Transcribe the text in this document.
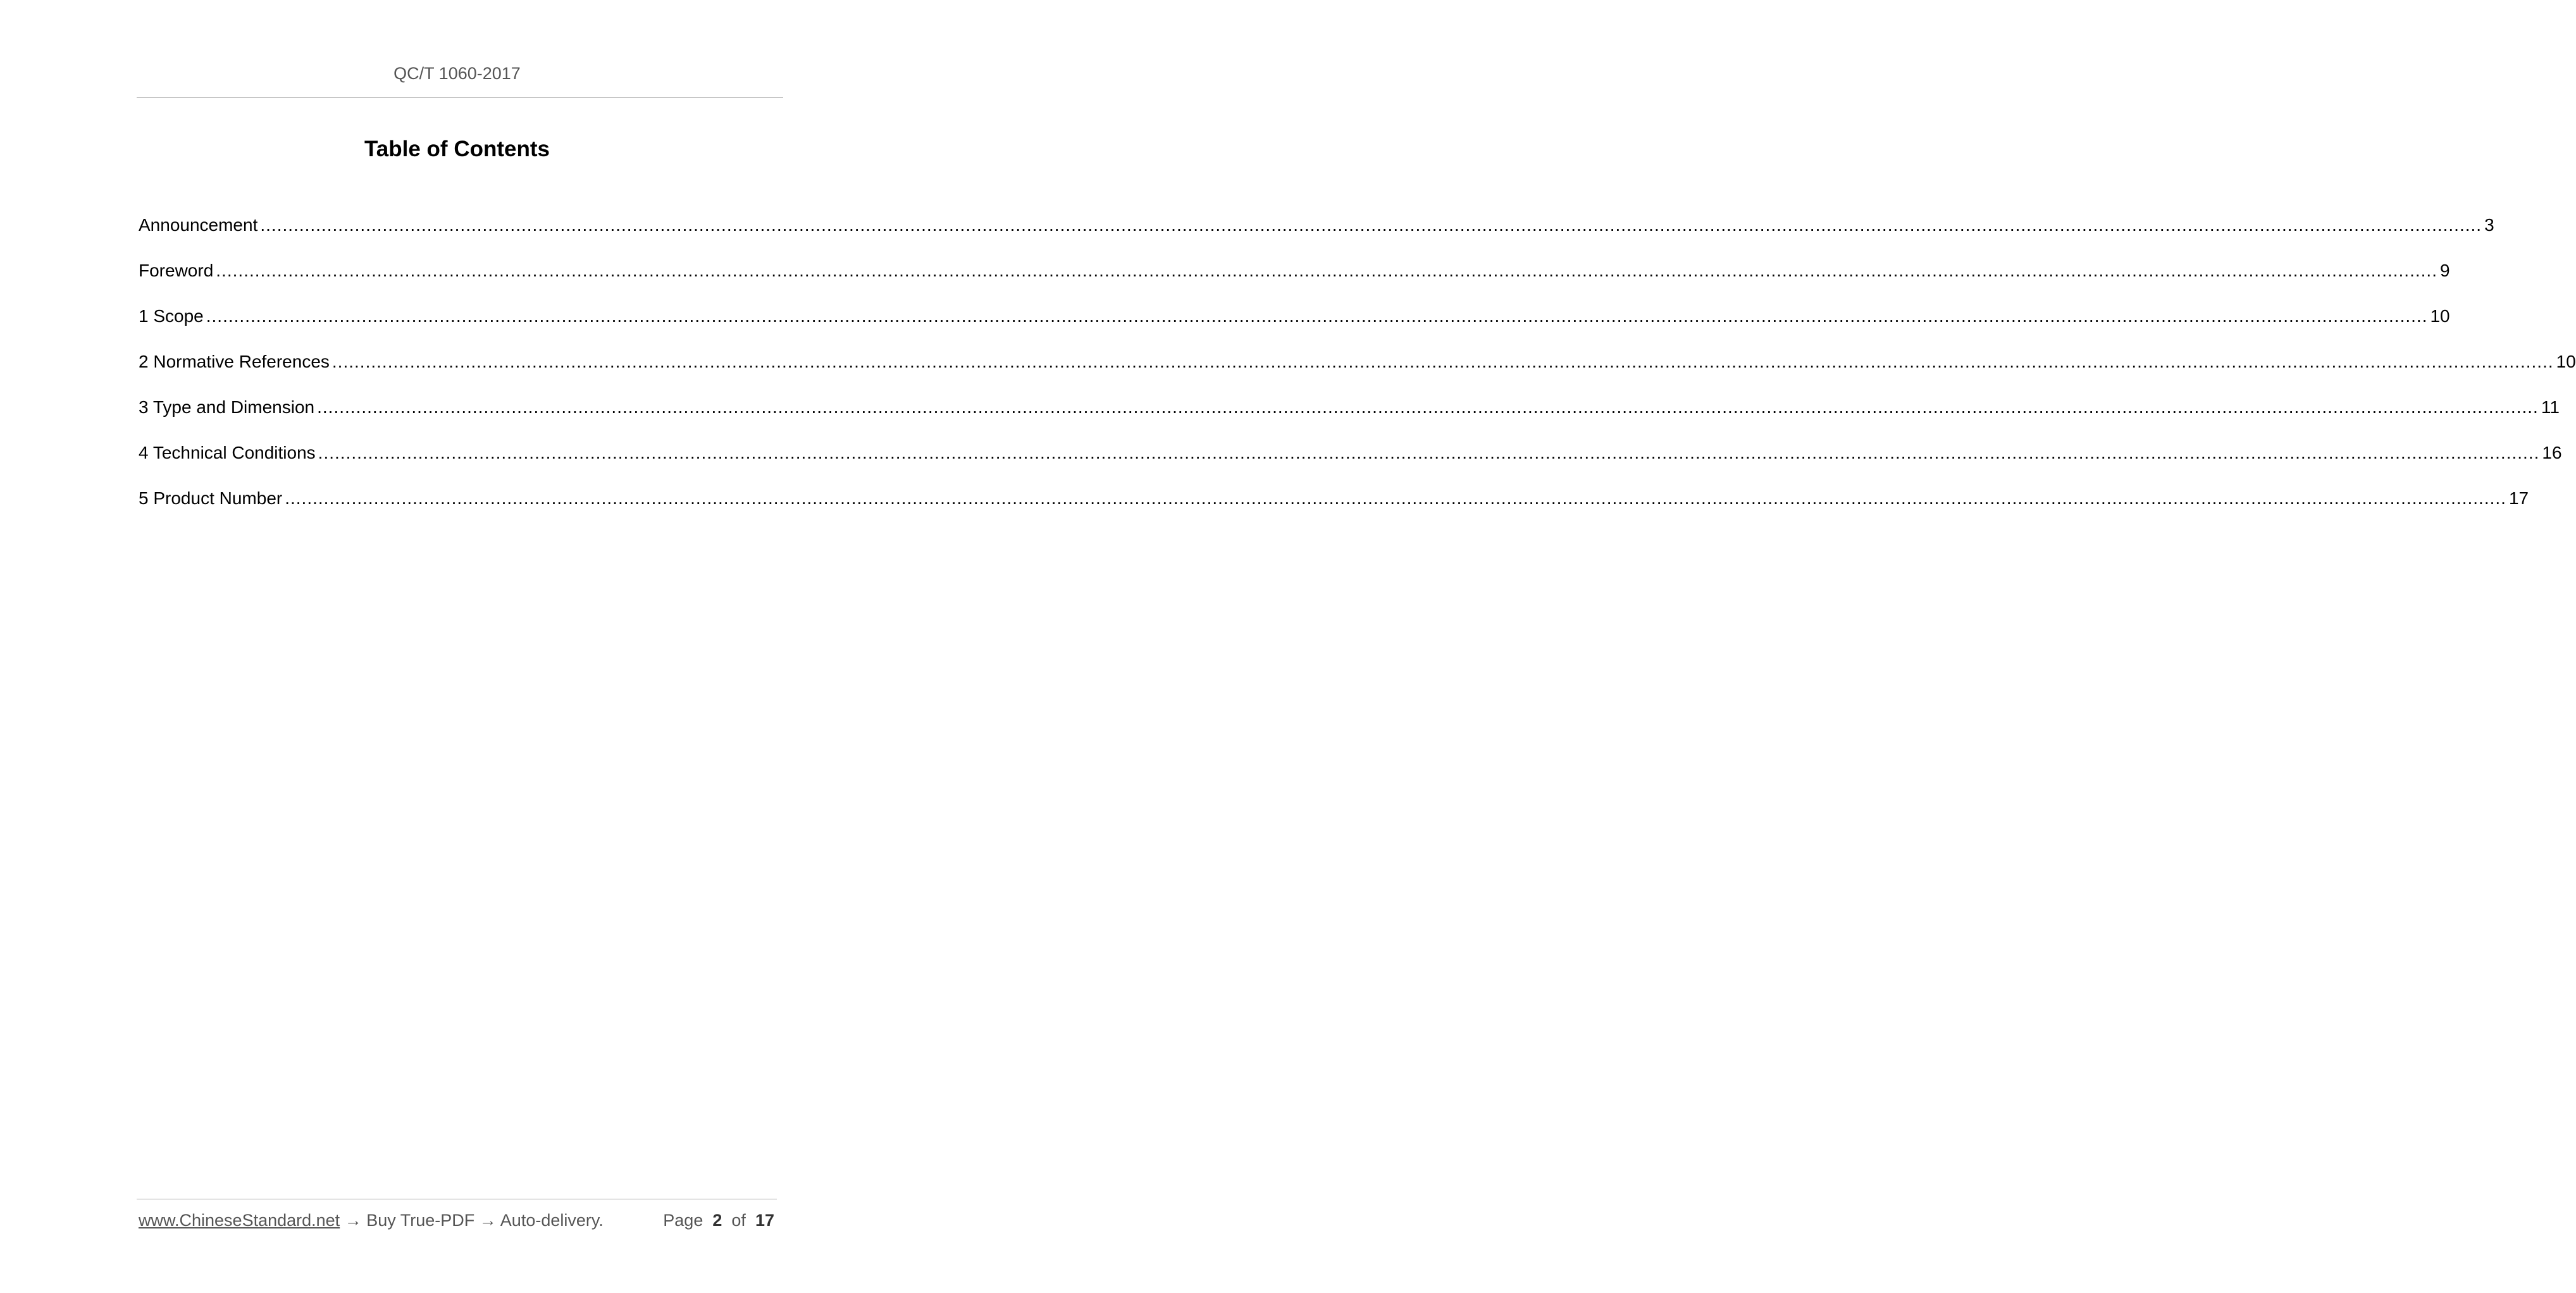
QC/T 1060-2017
Table of Contents
Announcement ................................................................................................................................................................................................................................................................................................................................................................................................................ 3
Foreword ................................................................................................................................................................................................................................................................................................................................................................................................................ 9
1 Scope ................................................................................................................................................................................................................................................................................................................................................................................................................ 10
2 Normative References ................................................................................................................................................................................................................................................................................................................................................................................................................ 10
3 Type and Dimension ................................................................................................................................................................................................................................................................................................................................................................................................................ 11
4 Technical Conditions ................................................................................................................................................................................................................................................................................................................................................................................................................ 16
5 Product Number ................................................................................................................................................................................................................................................................................................................................................................................................................ 17
www.ChineseStandard.net → Buy True-PDF → Auto-delivery.	Page 2 of 17
